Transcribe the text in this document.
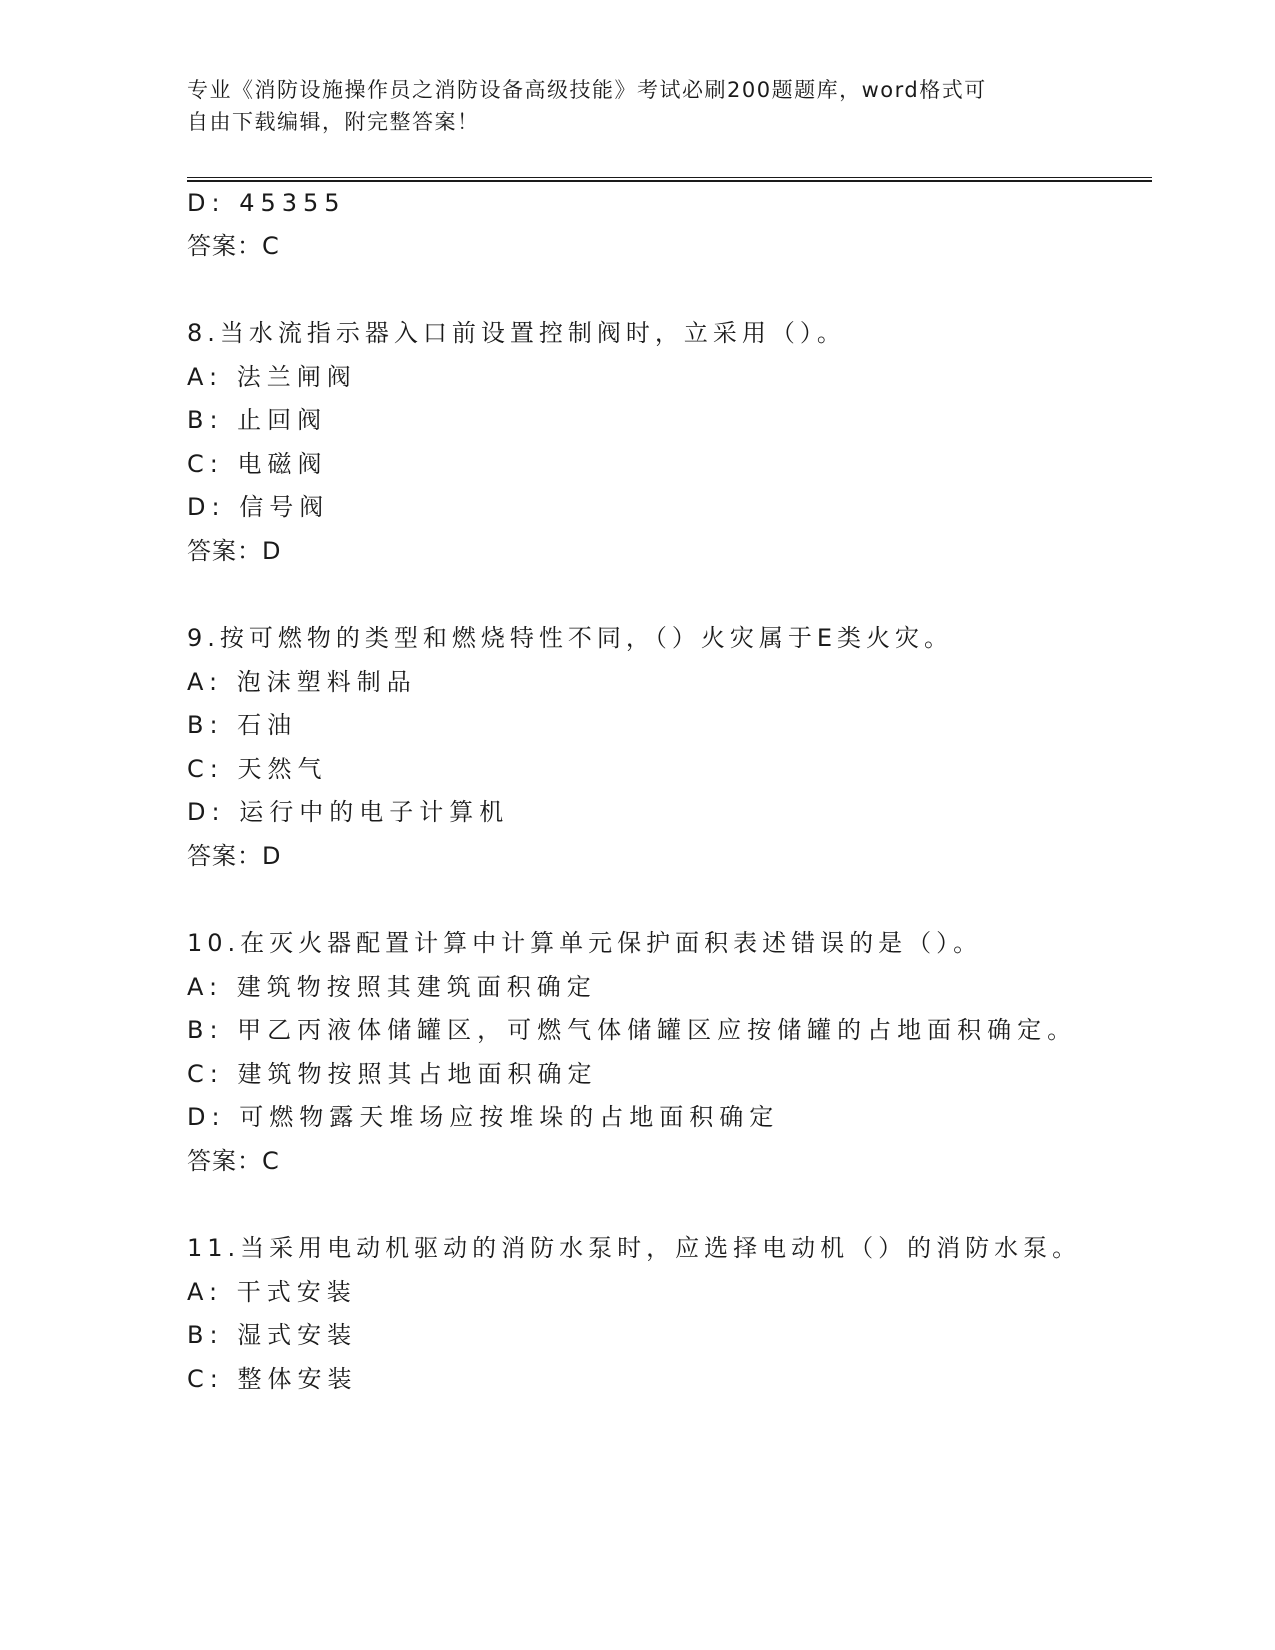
专业《消防设施操作员之消防设备高级技能》考试必刷200题题库，word格式可
自由下载编辑，附完整答案！
D: 45355
答案：C
8.当水流指示器入口前设置控制阀时，立采用（）。
A: 法兰闸阀
B: 止回阀
C: 电磁阀
D: 信号阀
答案：D
9.按可燃物的类型和燃烧特性不同，（）火灾属于E类火灾。
A: 泡沫塑料制品
B: 石油
C: 天然气
D: 运行中的电子计算机
答案：D
10.在灭火器配置计算中计算单元保护面积表述错误的是（）。
A: 建筑物按照其建筑面积确定
B: 甲乙丙液体储罐区，可燃气体储罐区应按储罐的占地面积确定。
C: 建筑物按照其占地面积确定
D: 可燃物露天堆场应按堆垛的占地面积确定
答案：C
11.当采用电动机驱动的消防水泵时，应选择电动机（）的消防水泵。
A: 干式安装
B: 湿式安装
C: 整体安装
